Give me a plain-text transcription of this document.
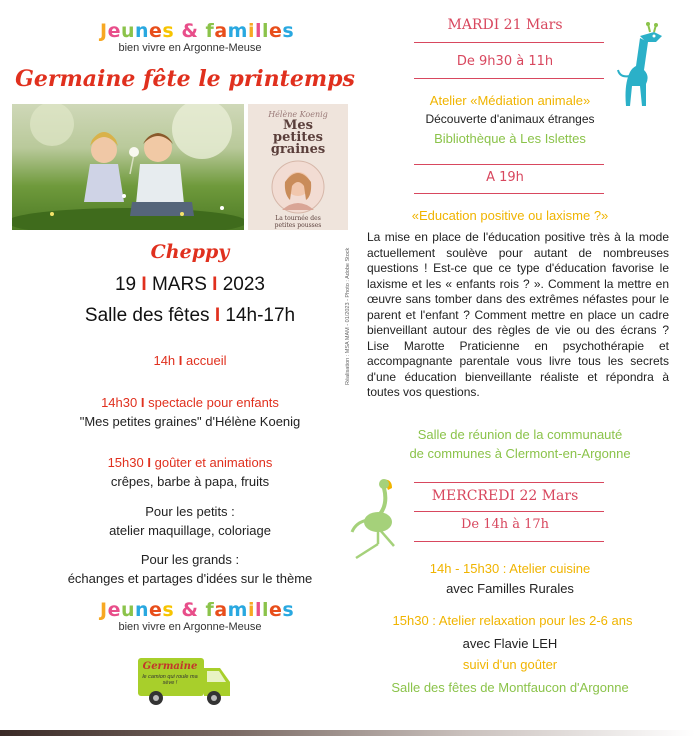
Jeunes & familles
bien vivre en Argonne-Meuse
Germaine fête le printemps
Hélène Koenig
Mes
petites
graines
La tournée des
petites pousses
Réalisation : MSA MAM - 01/2023 - Photo : Adobe Stock
Cheppy
19 I MARS I 2023
Salle des fêtes I 14h-17h
14h I accueil
14h30 I spectacle pour enfants
"Mes petites graines" d'Hélène Koenig
15h30 I goûter et animations
crêpes, barbe à papa, fruits
Pour les petits :
atelier maquillage, coloriage
Pour les grands :
échanges et partages d'idées sur le thème
Jeunes & familles
bien vivre en Argonne-Meuse
Germaine
le camion qui roule ma sève !
MARDI 21 Mars
De 9h30 à 11h
Atelier «Médiation animale»
Découverte d'animaux étranges
Bibliothèque à Les Islettes
A 19h
«Education positive ou laxisme ?»
La mise en place de l'éducation positive très à la mode actuellement soulève pour autant de nombreuses questions ! Est-ce que ce type d'éducation favorise le laxisme et les « enfants rois ? ». Comment la mettre en œuvre sans tomber dans des extrêmes néfastes pour le parent et l'enfant ? Comment mettre en place un cadre bienveillant autour des règles de vie ou des écrans ? Lise Marotte Praticienne en psychothérapie et accompagnante parentale vous livre tous les secrets d'une éducation bienveillante réaliste et répondra à toutes vos questions.
Salle de réunion de la communauté
de communes à Clermont-en-Argonne
MERCREDI 22 Mars
De 14h à 17h
14h - 15h30 : Atelier cuisine
avec Familles Rurales
15h30 : Atelier relaxation pour les 2-6 ans
avec Flavie LEH
suivi d'un goûter
Salle des fêtes de Montfaucon d'Argonne
